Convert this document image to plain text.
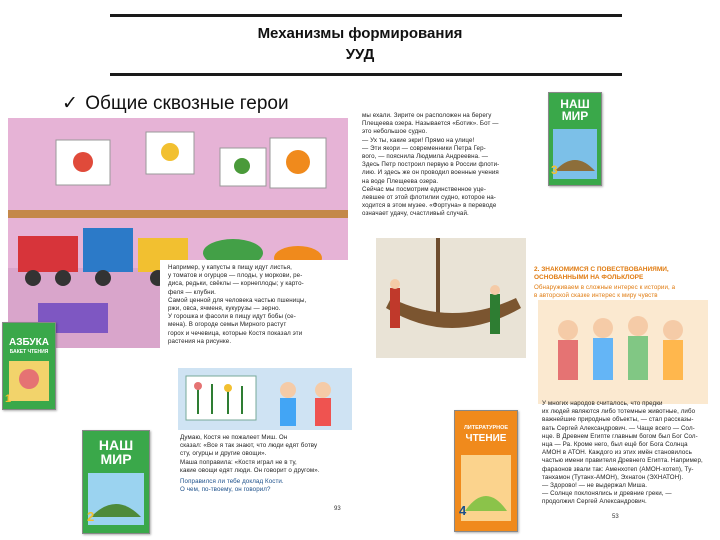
Механизмы формирования
УУД
✓ Общие сквозные герои
мы ехали. Зирите он расположен на берегу
Плещеева озера. Называется «Ботик». Бот —
это небольшое судно.
— Ух ты, какие экри! Прямо на улице!
— Эти якори — современники Петра Гер-
вого, — пояснила Людмила Андреевна. —
Здесь Петр построил первую в России флоти-
лию. И здесь же он проводил военные учения
на воде Плещеева озера.
Сейчас мы посмотрим единственное уце-
левшее от этой флотилии судно, которое на-
ходится в этом музее. «Фортуна» в переводе
означает удачу, счастливый случай.
НАШ
МИР
3
Например, у капусты в пищу идут листья,
у томатов и огурцов — плоды, у моркови, ре-
диса, редьки, свёклы — корнеплоды; у карто-
феля — клубни.
Самой ценной для человека частью пшеницы,
ржи, овса, ячменя, кукурузы — зерно.
У горошка и фасоли в пищу идут бобы (се-
мена). В огороде семьи Мирного растут
горох и чечевица, которые Костя показал эти
растения на рисунке.
АЗБУКА
БАКЕТ ЧТЕНИЯ
1
2. ЗНАКОМИМСЯ С ПОВЕСТВОВАНИЯМИ,
ОСНОВАННЫМИ НА ФОЛЬКЛОРЕ
Обнаруживаем в сложные интерес к истории, а
в авторской сказке интерес к миру чувств
У многих народов считалось, что предки
их людей являются либо тотемные животные, либо
важнейшие природные объекты, — стал рассказы-
вать Сергей Александрович. — Чаще всего — Сол-
нце. В Древнем Египте главным богом был Бог Сол-
нца — Ра. Кроме него, был ещё бог Бога Солнца
АМОН в АТОН. Каждого из этих имён становилось
частью имени правителя Древнего Египта. Например,
фараонов звали так: Аменхотеп (АМОН-хотеп), Ту-
танхамон (Тутанх-АМОН), Эхнатон (ЭХНАТОН).
— Здорово! — не выдержал Миша.
— Солнце поклонялись и древние греки, —
продолжил Сергей Александрович.
53
Думаю, Костя не пожалеет Миш. Он
сказал: «Все я так знают, что люди едят ботву
сту, огурцы и другие овощи».
Маша поправила: «Костя играл не в ту,
какие овощи едят люди. Он говорит о другом».
Поправился ли тебе доклад Кости.
О чем, по-твоему, он говорил?
93
НАШ
МИР
2
ЛИТЕРАТУРНОЕ
ЧТЕНИЕ
4
